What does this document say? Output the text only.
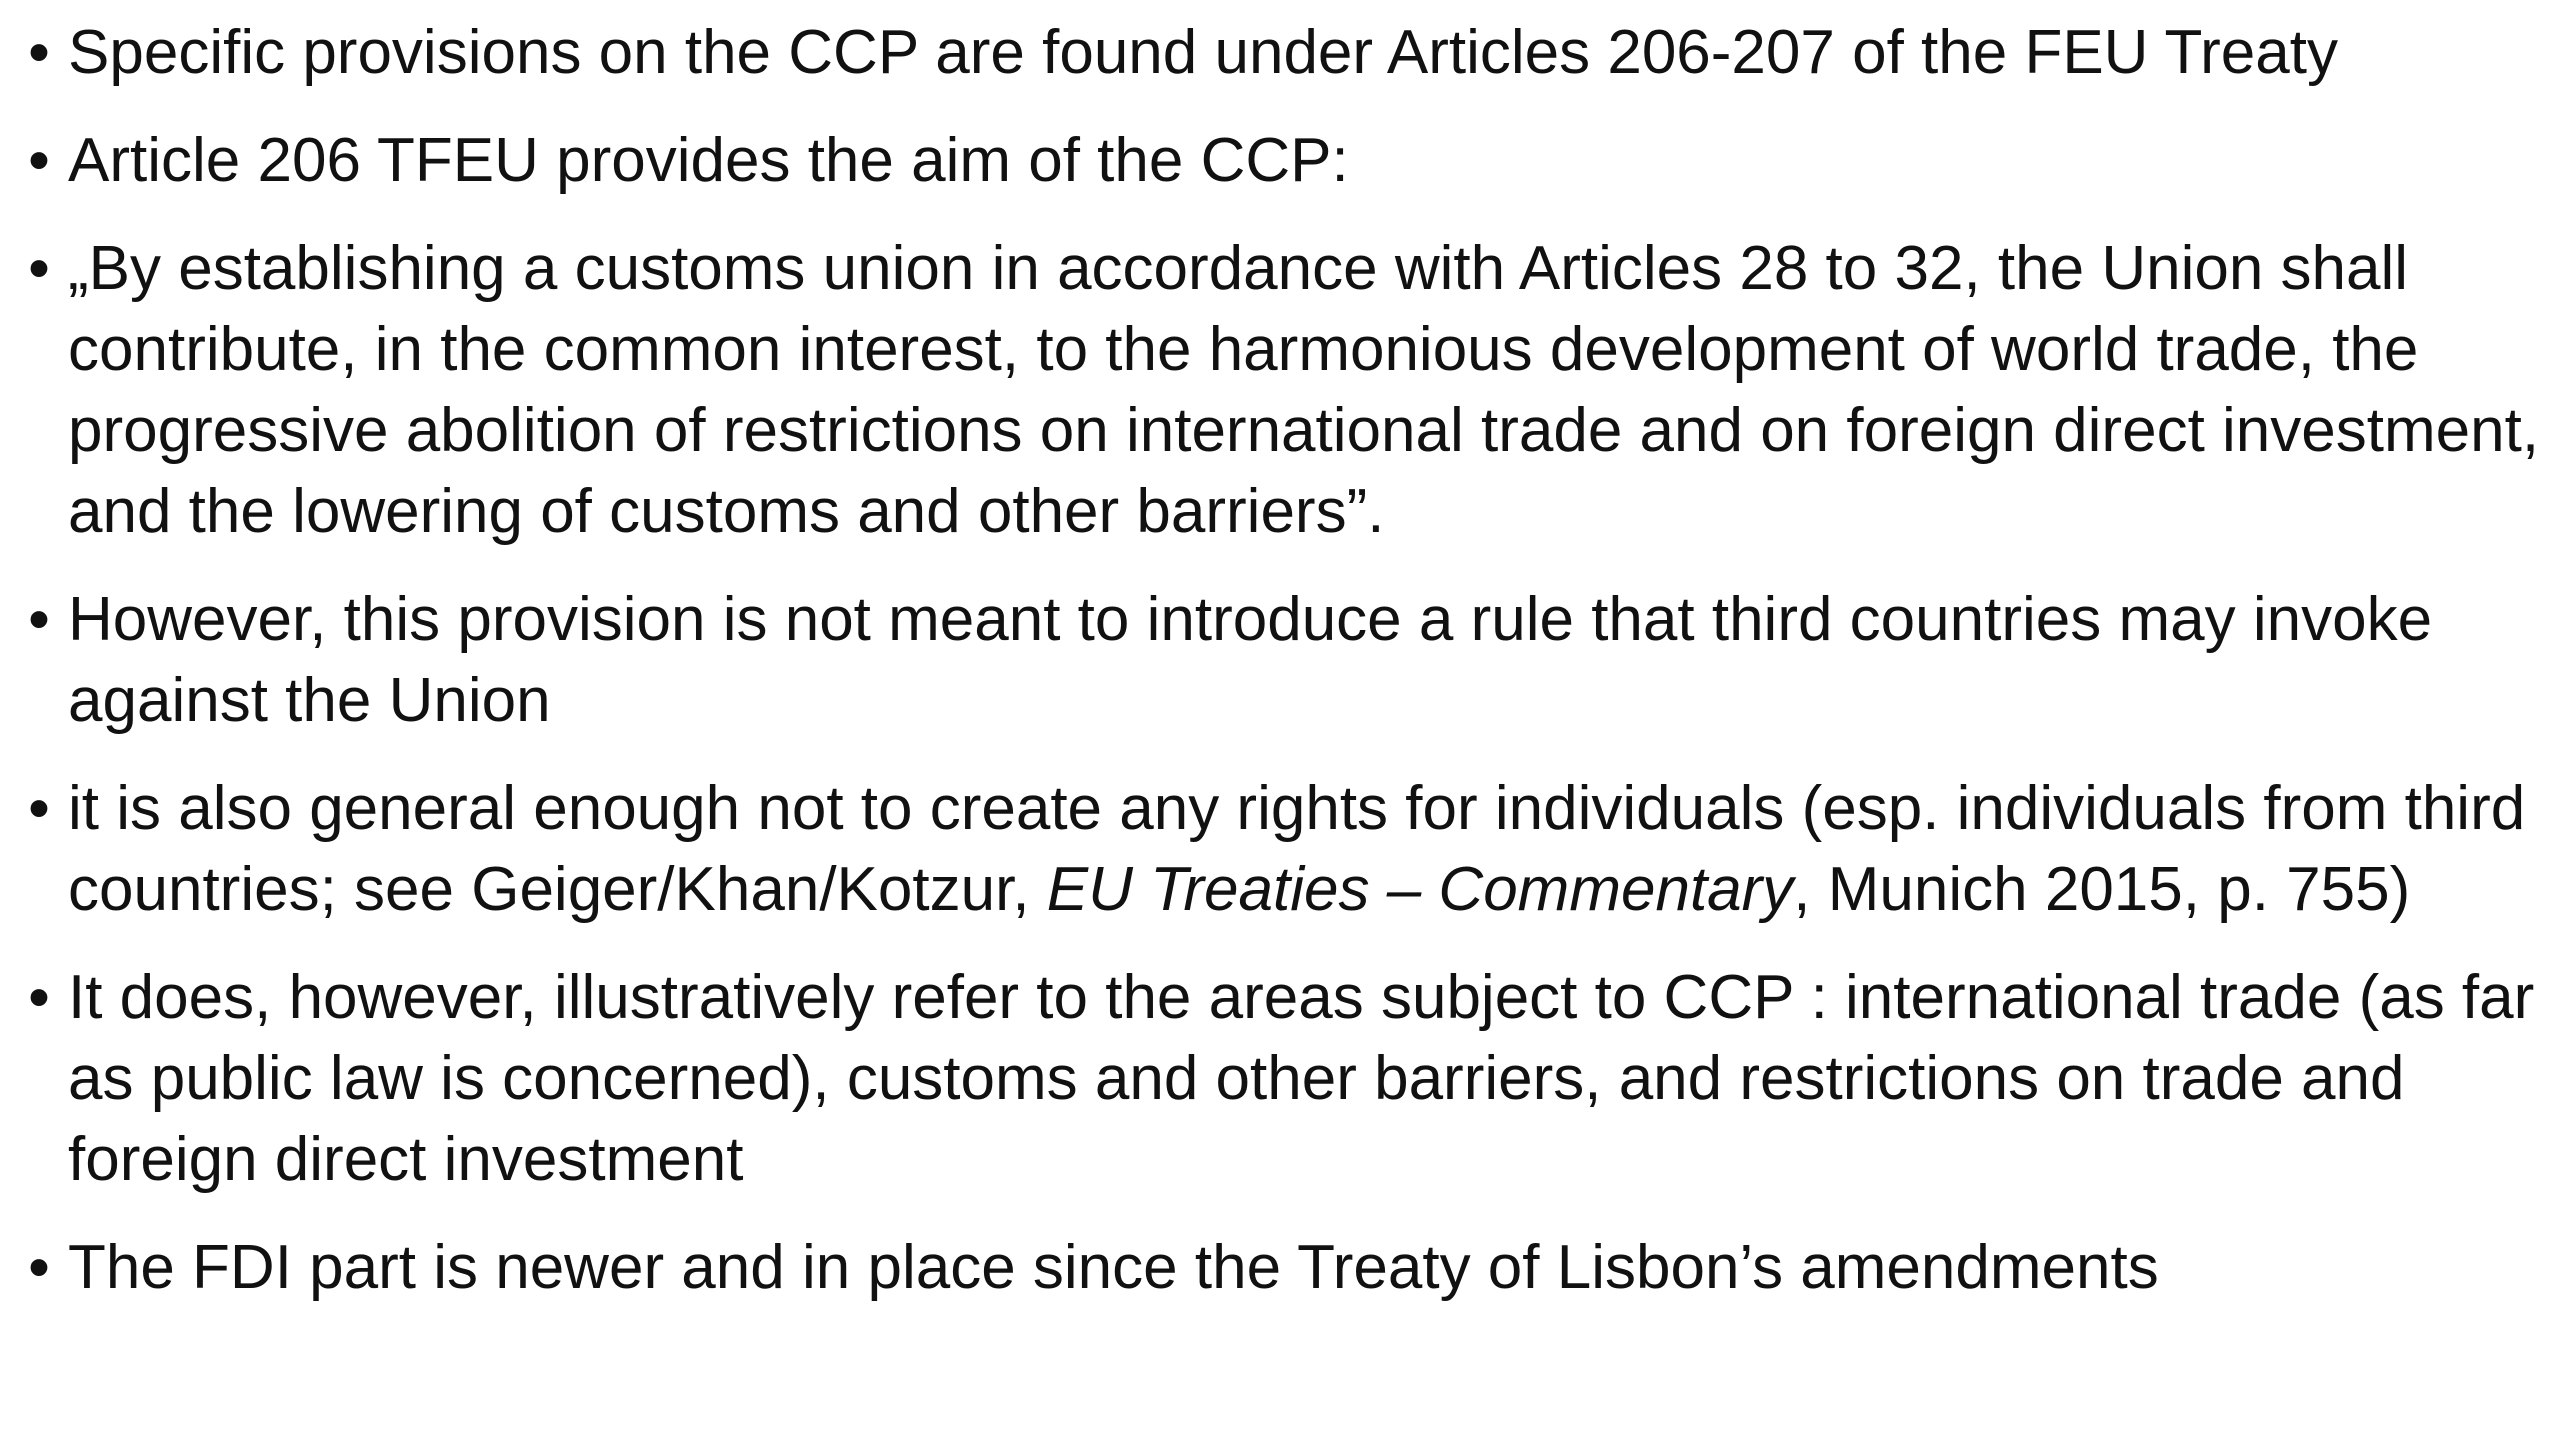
• Specific provisions on the CCP are found under Articles 206-207 of the FEU Treaty
• Article 206 TFEU provides the aim of the CCP:
• „By establishing a customs union in accordance with Articles 28 to 32, the Union shall contribute, in the common interest, to the harmonious development of world trade, the progressive abolition of restrictions on international trade and on foreign direct investment, and the lowering of customs and other barriers”.
• However, this provision is not meant to introduce a rule that third countries may invoke against the Union
• it is also general enough not to create any rights for individuals (esp. individuals from third countries; see Geiger/Khan/Kotzur, EU Treaties – Commentary, Munich 2015, p. 755)
• It does, however, illustratively refer to the areas subject to CCP : international trade (as far as public law is concerned), customs and other barriers, and restrictions on trade and foreign direct investment
• The FDI part is newer and in place since the Treaty of Lisbon’s amendments
